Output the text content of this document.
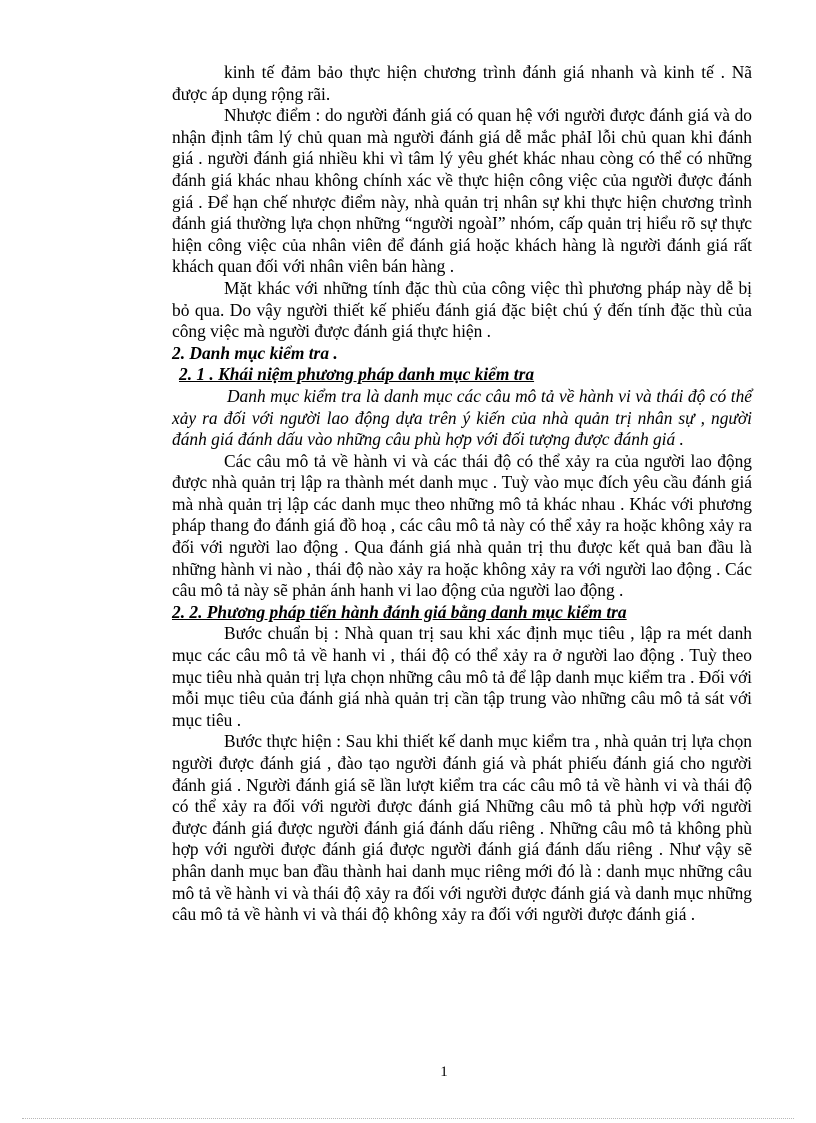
kinh tế đảm bảo thực hiện chương trình đánh giá nhanh và kinh tế . Nã được áp dụng rộng rãi.

Nhược điểm : do người đánh giá có quan hệ với người được đánh giá và do nhận định tâm lý chủ quan mà người đánh giá dễ mắc phảI lỗi chủ quan khi đánh giá . người đánh giá nhiều khi vì tâm lý yêu ghét khác nhau còng có thể có những đánh giá khác nhau không chính xác về thực hiện công việc của người được đánh giá . Để hạn chế nhược điểm này, nhà quản trị nhân sự khi thực hiện chương trình đánh giá thường lựa chọn những “người ngoàI” nhóm, cấp quản trị hiểu rõ sự thực hiện công việc của nhân viên để đánh giá hoặc khách hàng là người đánh giá rất khách quan đối với nhân viên bán hàng .

Mặt khác với những tính đặc thù của công việc thì phương pháp này dễ bị bỏ qua. Do vậy người thiết kế phiếu đánh giá đặc biệt chú ý đến tính đặc thù của công việc mà người được đánh giá thực hiện .

2. Danh mục kiểm tra .

2. 1 . Khái niệm phương pháp danh mục kiểm tra

Danh mục kiểm tra là danh mục các câu mô tả về hành vi và thái độ có thể xảy ra đối với người lao động dựa trên ý kiến của nhà quản trị nhân sự , người đánh giá đánh dấu vào những câu phù hợp với đối tượng được đánh giá .

Các câu mô tả về hành vi và các thái độ có thể xảy ra của người lao động được nhà quản trị lập ra thành mét danh mục . Tuỳ vào mục đích yêu cầu đánh giá mà nhà quản trị lập các danh mục theo những mô tả khác nhau . Khác với phương pháp thang đo đánh giá đồ hoạ , các câu mô tả này có thể xảy ra hoặc không xảy ra đối với người lao động . Qua đánh giá nhà quản trị thu được kết quả ban đầu là những hành vi nào , thái độ nào xảy ra hoặc không xảy ra với người lao động . Các câu mô tả này sẽ phản ánh hanh vi lao động của người lao động .

2. 2. Phương pháp tiến hành đánh giá bằng danh mục kiểm tra

Bước chuẩn bị : Nhà quan trị sau khi xác định mục tiêu , lập ra mét danh mục các câu mô tả về hanh vi , thái độ có thể xảy ra ở người lao động . Tuỳ theo mục tiêu nhà quản trị lựa chọn những câu mô tả để lập danh mục kiểm tra . Đối với mỗi mục tiêu của đánh giá nhà quản trị cần tập trung vào những câu mô tả sát với mục tiêu .

Bước thực hiện : Sau khi thiết kế danh mục kiểm tra , nhà quản trị lựa chọn người được đánh giá , đào tạo người đánh giá và phát phiếu đánh giá cho người đánh giá . Người đánh giá sẽ lần lượt kiểm tra các câu mô tả về hành vi và thái độ có thể xảy ra đối với người được đánh giá Những câu mô tả phù hợp với người được đánh giá được người đánh giá đánh dấu riêng . Những câu mô tả không phù hợp với người được đánh giá được người đánh giá đánh dấu riêng . Như vậy sẽ phân danh mục ban đầu thành hai danh mục riêng mới đó là : danh mục những câu mô tả về hành vi và thái độ xảy ra đối với người được đánh giá và danh mục những câu mô tả về hành vi và thái độ không xảy ra đối với người được đánh giá .

1
